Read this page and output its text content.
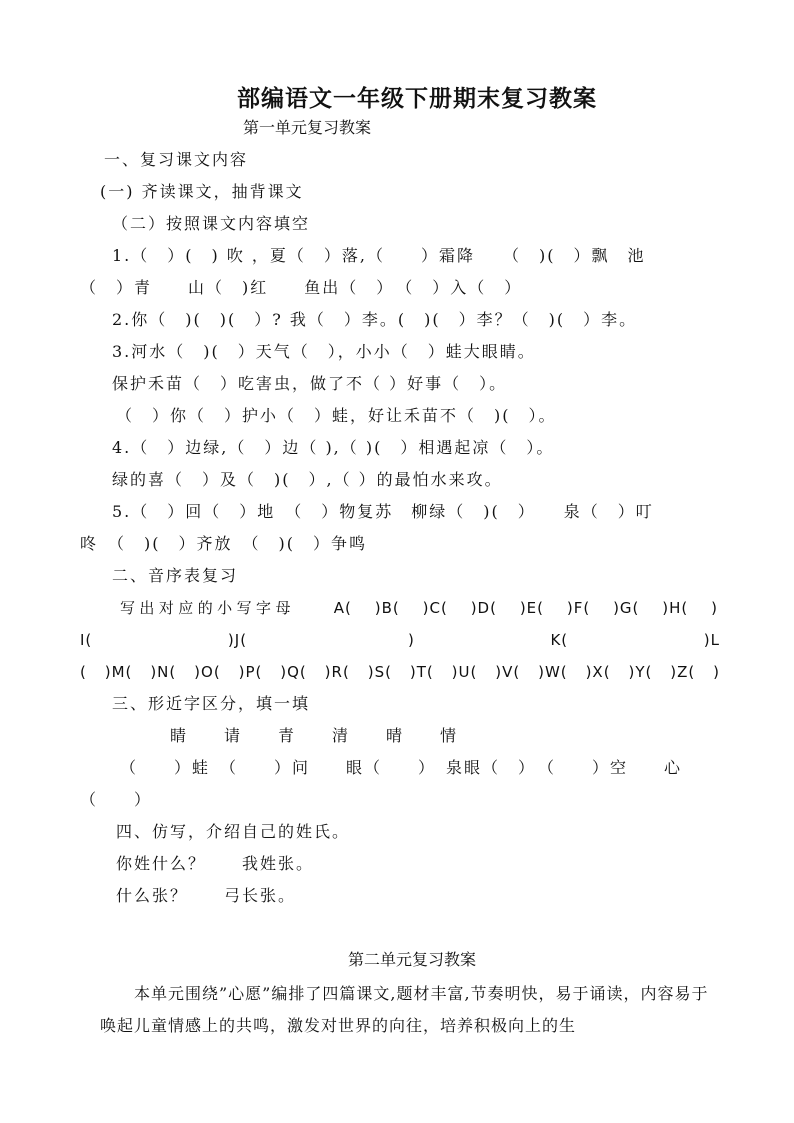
部编语文一年级下册期末复习教案
第一单元复习教案
一、复习课文内容
(一) 齐读课文，抽背课文
（二）按照课文内容填空
1.（　）(　) 吹 ，夏（　）落,（　　）霜降　　（　)(　）飘　池
（　）青　　山（　)红　　鱼出（　）　（　）入（　）
2.你（　)(　)(　）? 我（　）李。(　)(　）李？（　)(　）李。
3.河水（　)(　）天气（　），小小（　）蛙大眼睛。
保护禾苗（　）吃害虫，做了不（ ）好事（　）。
（　）你（　）护小（　）蛙，好让禾苗不（　)(　）。
4.（　）边绿,（　）边（ ),（ )(　）相遇起凉（　）。
绿的喜（　）及（　)(　）,（ ）的最怕水来攻。
5.（　）回（　）地　（　）物复苏　柳绿（　)(　）　　泉（　）叮
咚　（　)(　）齐放　（　)(　）争鸣
二、音序表复习
写出对应的小写字母　　A(　)B(　)C(　)D(　)E(　)F(　)G(　)H(　)
I(　　　　　)J(　　　　　　)　　　　　K(　　　　　)L
(　)M(　)N(　)O(　)P(　)Q(　)R(　)S(　)T(　)U(　)V(　)W(　)X(　)Y(　)Z(　)
三、形近字区分，填一填
睛　　请　　青　　清　　晴　　情
（　　）蛙　（　　）问　　眼（　　）　泉眼（　）　（　　）空　　心
（　　）
四、仿写，介绍自己的姓氏。
你姓什么？　　我姓张。
什么张？　　弓长张。
第二单元复习教案
　　本单元围绕”心愿”编排了四篇课文,题材丰富,节奏明快，易于诵读，内容易于唤起儿童情感上的共鸣，激发对世界的向往，培养积极向上的生
